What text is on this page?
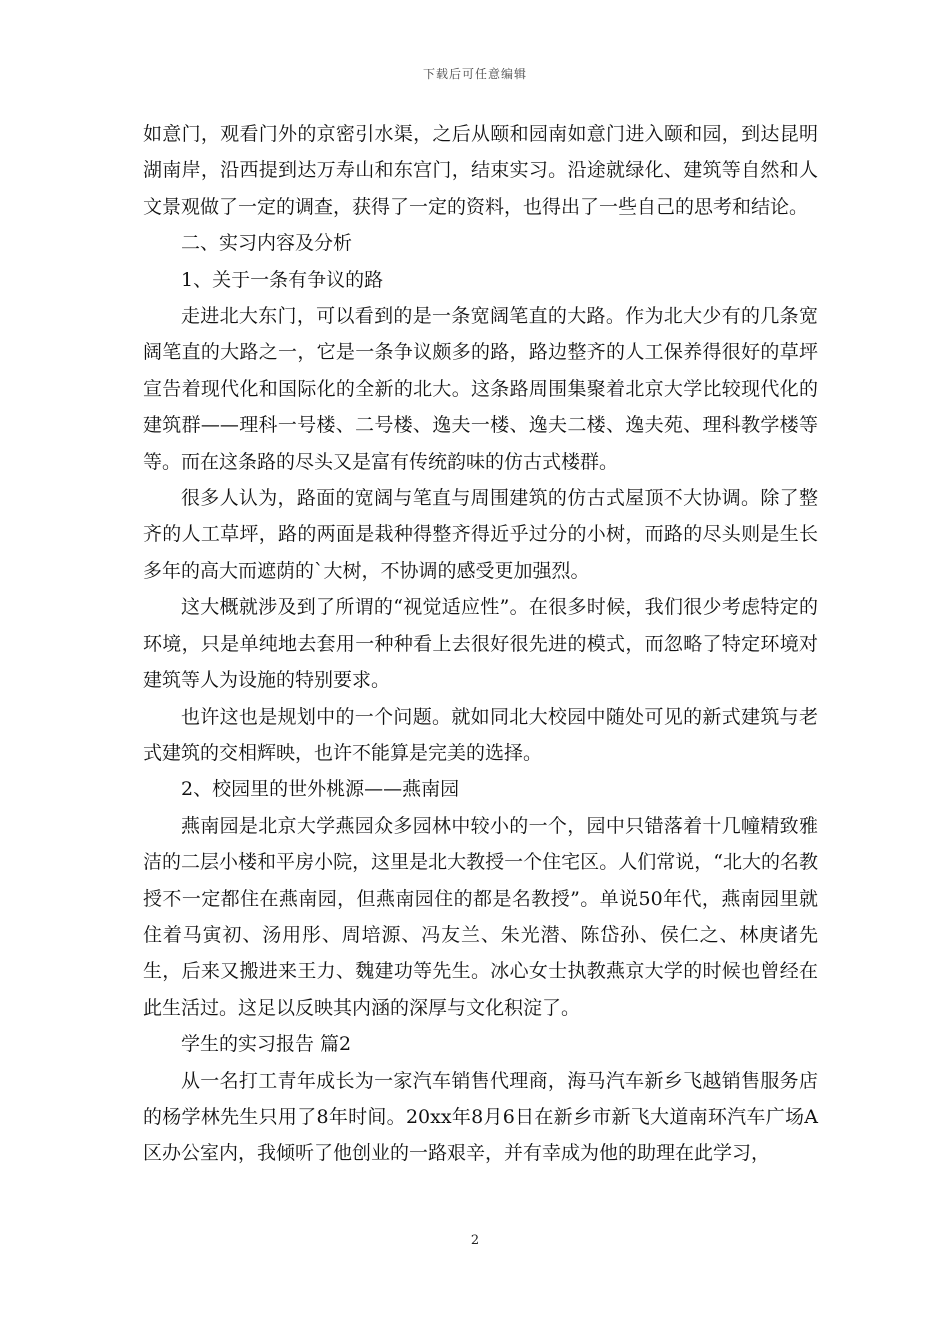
下载后可任意编辑

如意门，观看门外的京密引水渠，之后从颐和园南如意门进入颐和园，到达昆明湖南岸，沿西提到达万寿山和东宫门，结束实习。沿途就绿化、建筑等自然和人文景观做了一定的调查，获得了一定的资料，也得出了一些自己的思考和结论。

二、实习内容及分析

1、关于一条有争议的路

走进北大东门，可以看到的是一条宽阔笔直的大路。作为北大少有的几条宽阔笔直的大路之一，它是一条争议颇多的路，路边整齐的人工保养得很好的草坪宣告着现代化和国际化的全新的北大。这条路周围集聚着北京大学比较现代化的建筑群——理科一号楼、二号楼、逸夫一楼、逸夫二楼、逸夫苑、理科教学楼等等。而在这条路的尽头又是富有传统韵味的仿古式楼群。

很多人认为，路面的宽阔与笔直与周围建筑的仿古式屋顶不大协调。除了整齐的人工草坪，路的两面是栽种得整齐得近乎过分的小树，而路的尽头则是生长多年的高大而遮荫的`大树，不协调的感受更加强烈。

这大概就涉及到了所谓的“视觉适应性”。在很多时候，我们很少考虑特定的环境，只是单纯地去套用一种种看上去很好很先进的模式，而忽略了特定环境对建筑等人为设施的特别要求。

也许这也是规划中的一个问题。就如同北大校园中随处可见的新式建筑与老式建筑的交相辉映，也许不能算是完美的选择。

2、校园里的世外桃源——燕南园

燕南园是北京大学燕园众多园林中较小的一个，园中只错落着十几幢精致雅洁的二层小楼和平房小院，这里是北大教授一个住宅区。人们常说，“北大的名教授不一定都住在燕南园，但燕南园住的都是名教授”。单说50年代，燕南园里就住着马寅初、汤用彤、周培源、冯友兰、朱光潜、陈岱孙、侯仁之、林庚诸先生，后来又搬进来王力、魏建功等先生。冰心女士执教燕京大学的时候也曾经在此生活过。这足以反映其内涵的深厚与文化积淀了。

学生的实习报告 篇2

从一名打工青年成长为一家汽车销售代理商，海马汽车新乡飞越销售服务店的杨学林先生只用了8年时间。20xx年8月6日在新乡市新飞大道南环汽车广场A区办公室内，我倾听了他创业的一路艰辛，并有幸成为他的助理在此学习，

2
